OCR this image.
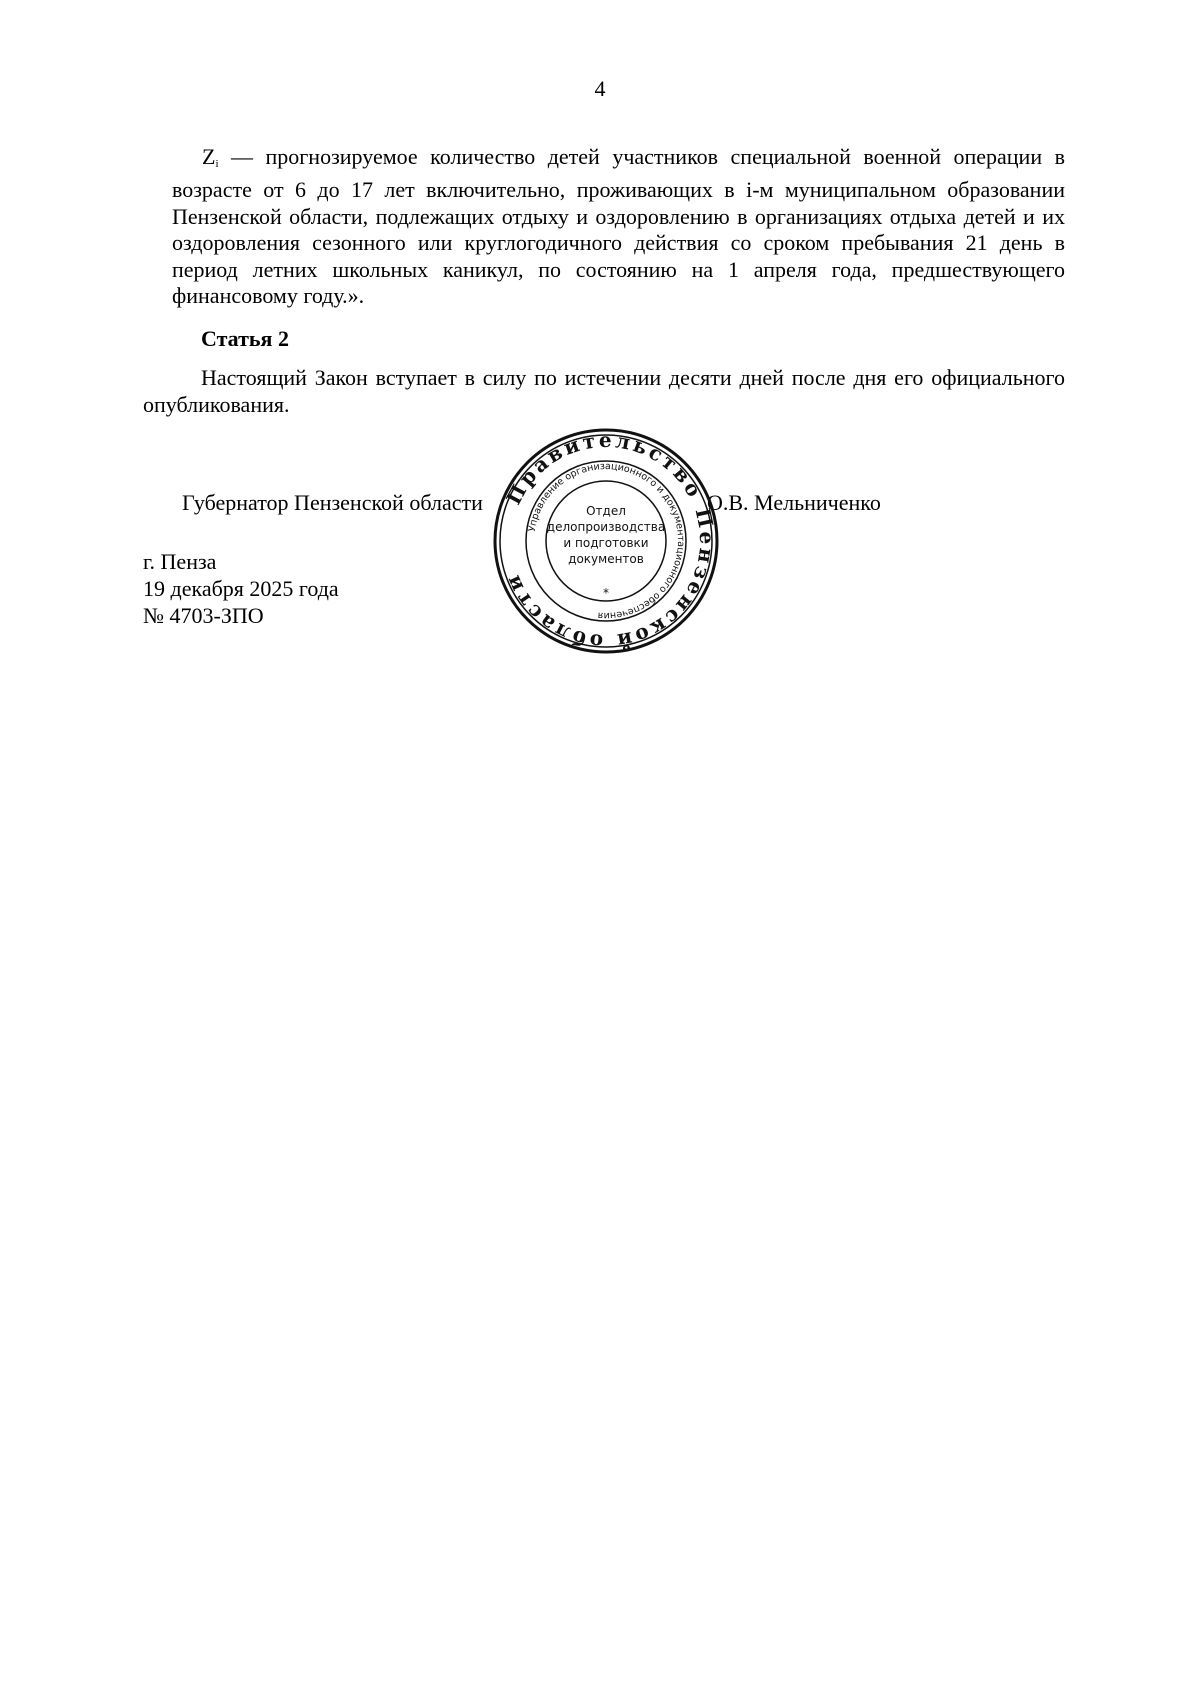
4
$Z_i$ — прогнозируемое количество детей участников специальной военной операции в возрасте от 6 до 17 лет включительно, проживающих в i-м муниципальном образовании Пензенской области, подлежащих отдыху и оздоровлению в организациях отдыха детей и их оздоровления сезонного или круглогодичного действия со сроком пребывания 21 день в период летних школьных каникул, по состоянию на 1 апреля года, предшествующего финансовому году.».
Статья 2
Настоящий Закон вступает в силу по истечении десяти дней после дня его официального опубликования.
Губернатор Пензенской области	О.В. Мельниченко
г. Пенза
19 декабря 2025 года
№ 4703-ЗПО
Правительство Пензенской области
Управление организационного и документационного обеспечения
Отдел
делопроизводства
и подготовки
документов
*
